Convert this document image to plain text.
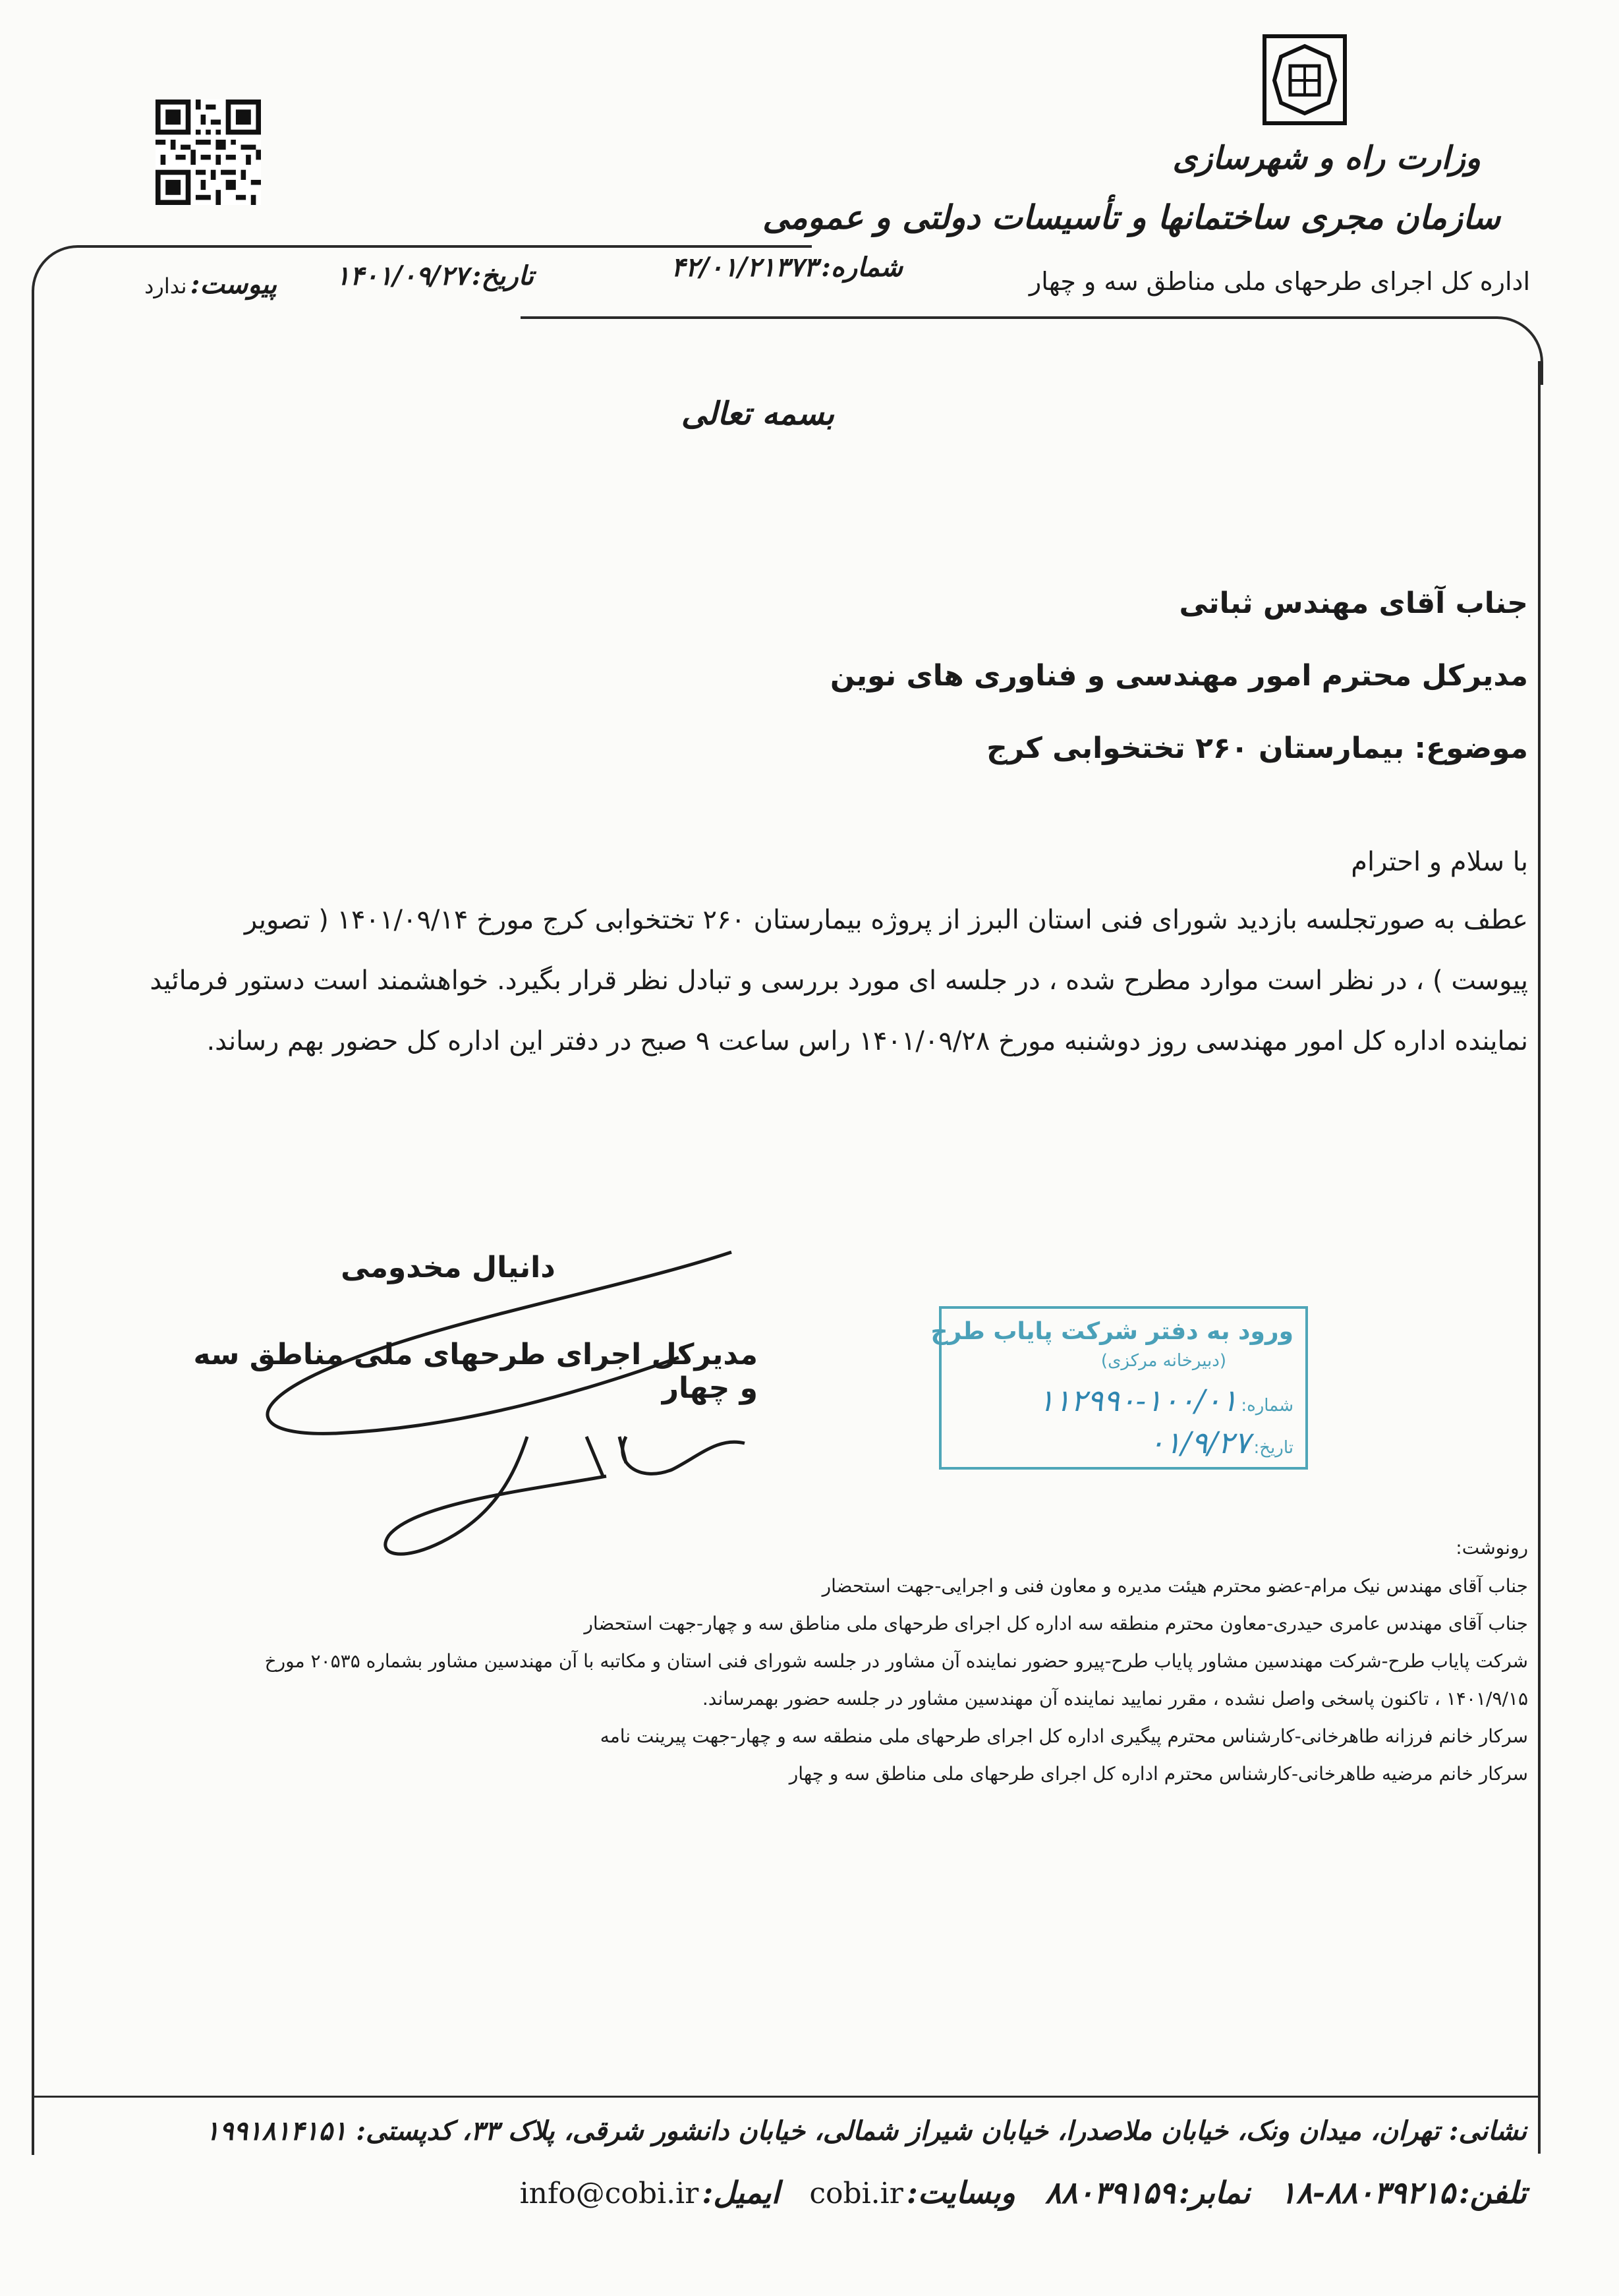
وزارت راه و شهرسازی
سازمان مجری ساختمانها و تأسیسات دولتی و عمومی
اداره کل اجرای طرحهای ملی مناطق سه و چهار
شماره: ۴۲/۰۱/۲۱۳۷۳
تاریخ: ۱۴۰۱/۰۹/۲۷
پیوست: ندارد
بسمه تعالی
جناب آقای مهندس ثباتی
مدیرکل محترم امور مهندسی و فناوری های نوین
موضوع: بیمارستان ۲۶۰ تختخوابی کرج
با سلام و احترام
عطف به صورتجلسه بازدید شورای فنی استان البرز از پروژه بیمارستان ۲۶۰ تختخوابی کرج مورخ ۱۴۰۱/۰۹/۱۴ ( تصویر
پیوست ) ، در نظر است موارد مطرح شده ، در جلسه ای مورد بررسی و تبادل نظر قرار بگیرد. خواهشمند است دستور فرمائید
نماینده اداره کل امور مهندسی روز دوشنبه مورخ ۱۴۰۱/۰۹/۲۸ راس ساعت ۹ صبح در دفتر این اداره کل حضور بهم رساند.
دانیال مخدومی
مدیرکل اجرای طرحهای ملی مناطق سه و چهار
ورود به دفتر شرکت پایاب طرح
(دبیرخانه مرکزی)
شماره: ۱۰۰/۰۱-۱۱۲۹۹۰
تاریخ: ۰۱/۹/۲۷
رونوشت:
جناب آقای مهندس نیک مرام-عضو محترم هیئت مدیره و معاون فنی و اجرایی-جهت استحضار
جناب آقای مهندس عامری حیدری-معاون محترم منطقه سه اداره کل اجرای طرحهای ملی مناطق سه و چهار-جهت استحضار
شرکت پایاب طرح-شرکت مهندسین مشاور پایاب طرح-پیرو حضور نماینده آن مشاور در جلسه شورای فنی استان و مکاتبه با آن مهندسین مشاور بشماره ۲۰۵۳۵ مورخ
۱۴۰۱/۹/۱۵ ، تاکنون پاسخی واصل نشده ، مقرر نمایید نماینده آن مهندسین مشاور در جلسه حضور بهمرساند.
سرکار خانم فرزانه طاهرخانی-کارشناس محترم پیگیری اداره کل اجرای طرحهای ملی منطقه سه و چهار-جهت پیرینت نامه
سرکار خانم مرضیه طاهرخانی-کارشناس محترم اداره کل اجرای طرحهای ملی مناطق سه و چهار
نشانی: تهران، میدان ونک، خیابان ملاصدرا، خیابان شیراز شمالی، خیابان دانشور شرقی، پلاک ۳۳، کدپستی: ۱۹۹۱۸۱۴۱۵۱
تلفن: ۸۸۰۳۹۲۱۵-۱۸ نمابر: ۸۸۰۳۹۱۵۹ وبسایت: cobi.ir ایمیل: info@cobi.ir
